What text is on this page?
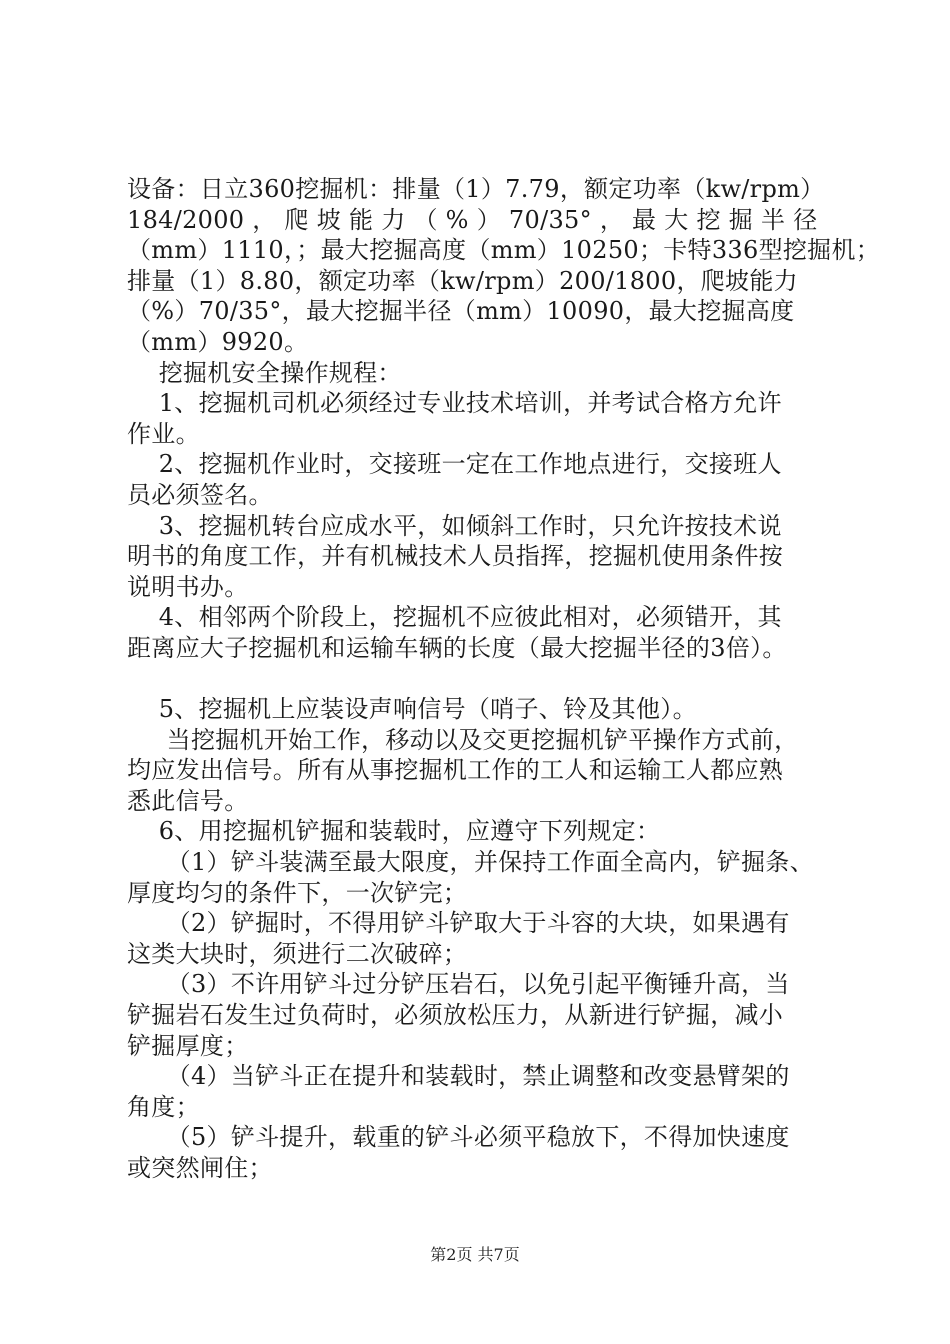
设备：日立360挖掘机：排量（1）7.79，额定功率（kw/rpm）
184/2000 ， 爬 坡 能 力 （ % ） 70/35° ， 最 大 挖 掘 半 径
（mm）1110，；最大挖掘高度（mm）10250；卡特336型挖掘机；
排量（1）8.80，额定功率（kw/rpm）200/1800，爬坡能力
（%）70/35°，最大挖掘半径（mm）10090，最大挖掘高度
（mm）9920。
挖掘机安全操作规程：
1、挖掘机司机必须经过专业技术培训，并考试合格方允许
作业。
2、挖掘机作业时，交接班一定在工作地点进行，交接班人
员必须签名。
3、挖掘机转台应成水平，如倾斜工作时，只允许按技术说
明书的角度工作，并有机械技术人员指挥，挖掘机使用条件按
说明书办。
4、相邻两个阶段上，挖掘机不应彼此相对，必须错开，其
距离应大子挖掘机和运输车辆的长度（最大挖掘半径的3倍）。
5、挖掘机上应装设声响信号（哨子、铃及其他）。
当挖掘机开始工作，移动以及交更挖掘机铲平操作方式前，
均应发出信号。所有从事挖掘机工作的工人和运输工人都应熟
悉此信号。
6、用挖掘机铲掘和装载时，应遵守下列规定：
（1）铲斗装满至最大限度，并保持工作面全高内，铲掘条、
厚度均匀的条件下，一次铲完；
（2）铲掘时，不得用铲斗铲取大于斗容的大块，如果遇有
这类大块时，须进行二次破碎；
（3）不许用铲斗过分铲压岩石，以免引起平衡锤升高，当
铲掘岩石发生过负荷时，必须放松压力，从新进行铲掘，减小
铲掘厚度；
（4）当铲斗正在提升和装载时，禁止调整和改变悬臂架的
角度；
（5）铲斗提升，载重的铲斗必须平稳放下，不得加快速度
或突然闸住；
第2页 共7页
